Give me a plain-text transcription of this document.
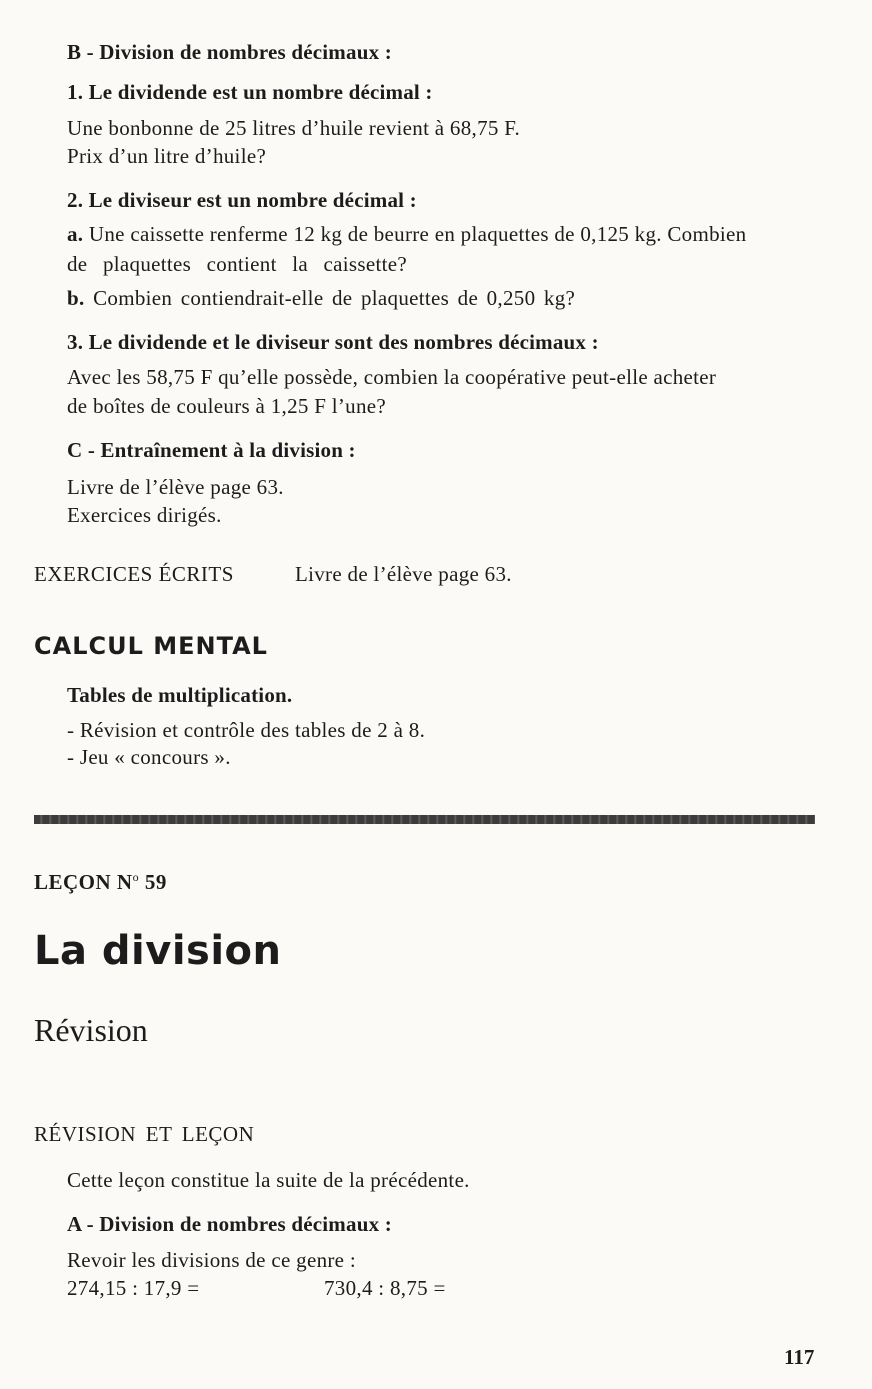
B - Division de nombres décimaux :
1. Le dividende est un nombre décimal :
Une bonbonne de 25 litres d’huile revient à 68,75 F.
Prix d’un litre d’huile?
2. Le diviseur est un nombre décimal :
a. Une caissette renferme 12 kg de beurre en plaquettes de 0,125 kg. Combien
de plaquettes contient la caissette?
b. Combien contiendrait-elle de plaquettes de 0,250 kg?
3. Le dividende et le diviseur sont des nombres décimaux :
Avec les 58,75 F qu’elle possède, combien la coopérative peut-elle acheter
de boîtes de couleurs à 1,25 F l’une?
C - Entraînement à la division :
Livre de l’élève page 63.
Exercices dirigés.
EXERCICES ÉCRITS	Livre de l’élève page 63.
CALCUL MENTAL
Tables de multiplication.
- Révision et contrôle des tables de 2 à 8.
- Jeu « concours ».
LEÇON $N^o$ 59
La division
Révision
RÉVISION ET LEÇON
Cette leçon constitue la suite de la précédente.
A - Division de nombres décimaux :
Revoir les divisions de ce genre :
274,15 : 17,9 =	730,4 : 8,75 =
117
